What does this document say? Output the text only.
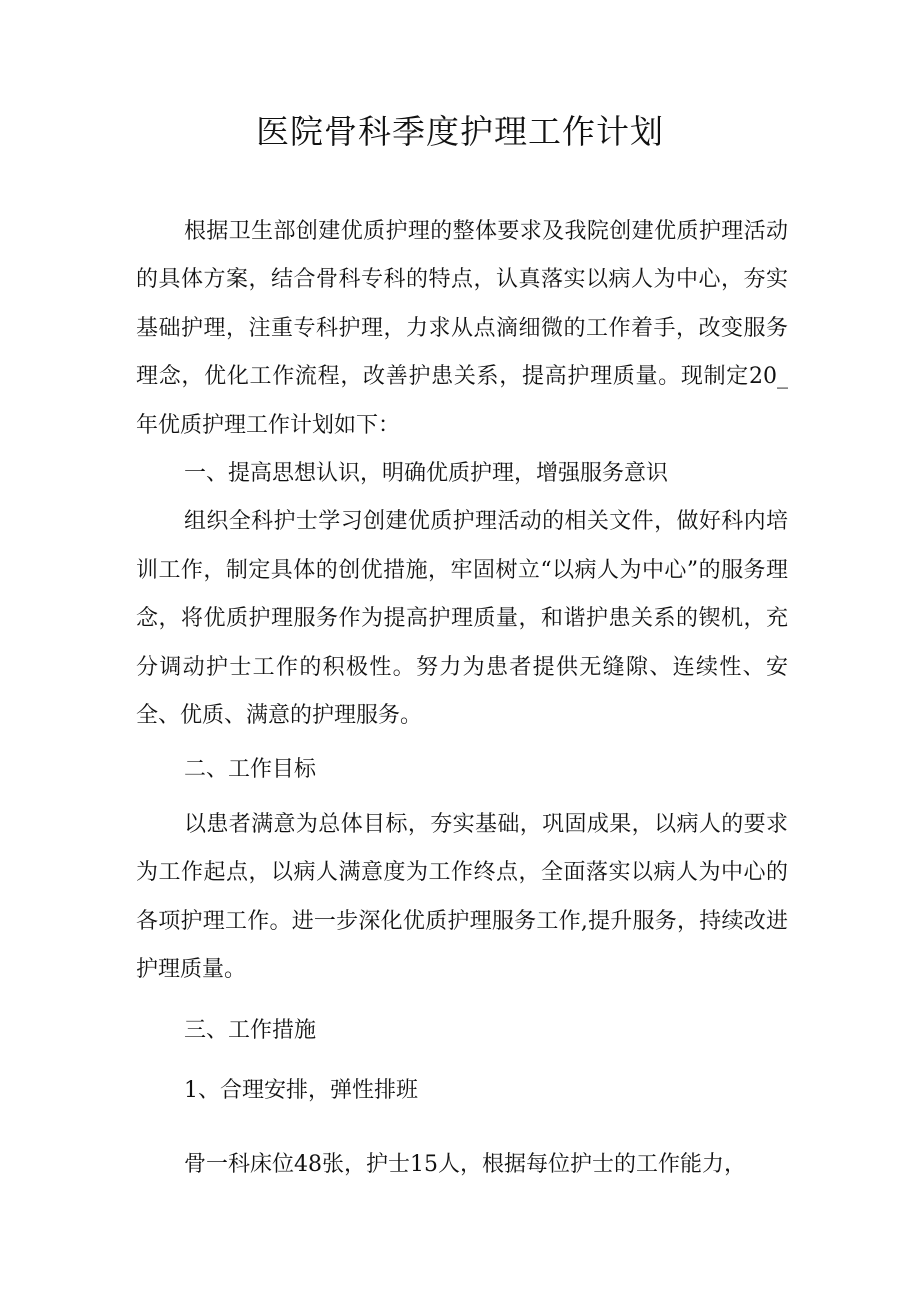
医院骨科季度护理工作计划

根据卫生部创建优质护理的整体要求及我院创建优质护理活动的具体方案，结合骨科专科的特点，认真落实以病人为中心，夯实基础护理，注重专科护理，力求从点滴细微的工作着手，改变服务理念，优化工作流程，改善护患关系，提高护理质量。现制定20_年优质护理工作计划如下：

一、提高思想认识，明确优质护理，增强服务意识

组织全科护士学习创建优质护理活动的相关文件，做好科内培训工作，制定具体的创优措施，牢固树立“以病人为中心”的服务理念，将优质护理服务作为提高护理质量，和谐护患关系的锲机，充分调动护士工作的积极性。努力为患者提供无缝隙、连续性、安全、优质、满意的护理服务。

二、工作目标

以患者满意为总体目标，夯实基础，巩固成果，以病人的要求为工作起点，以病人满意度为工作终点，全面落实以病人为中心的各项护理工作。进一步深化优质护理服务工作,提升服务，持续改进护理质量。

三、工作措施

1、合理安排，弹性排班

骨一科床位48张，护士15人，根据每位护士的工作能力，
